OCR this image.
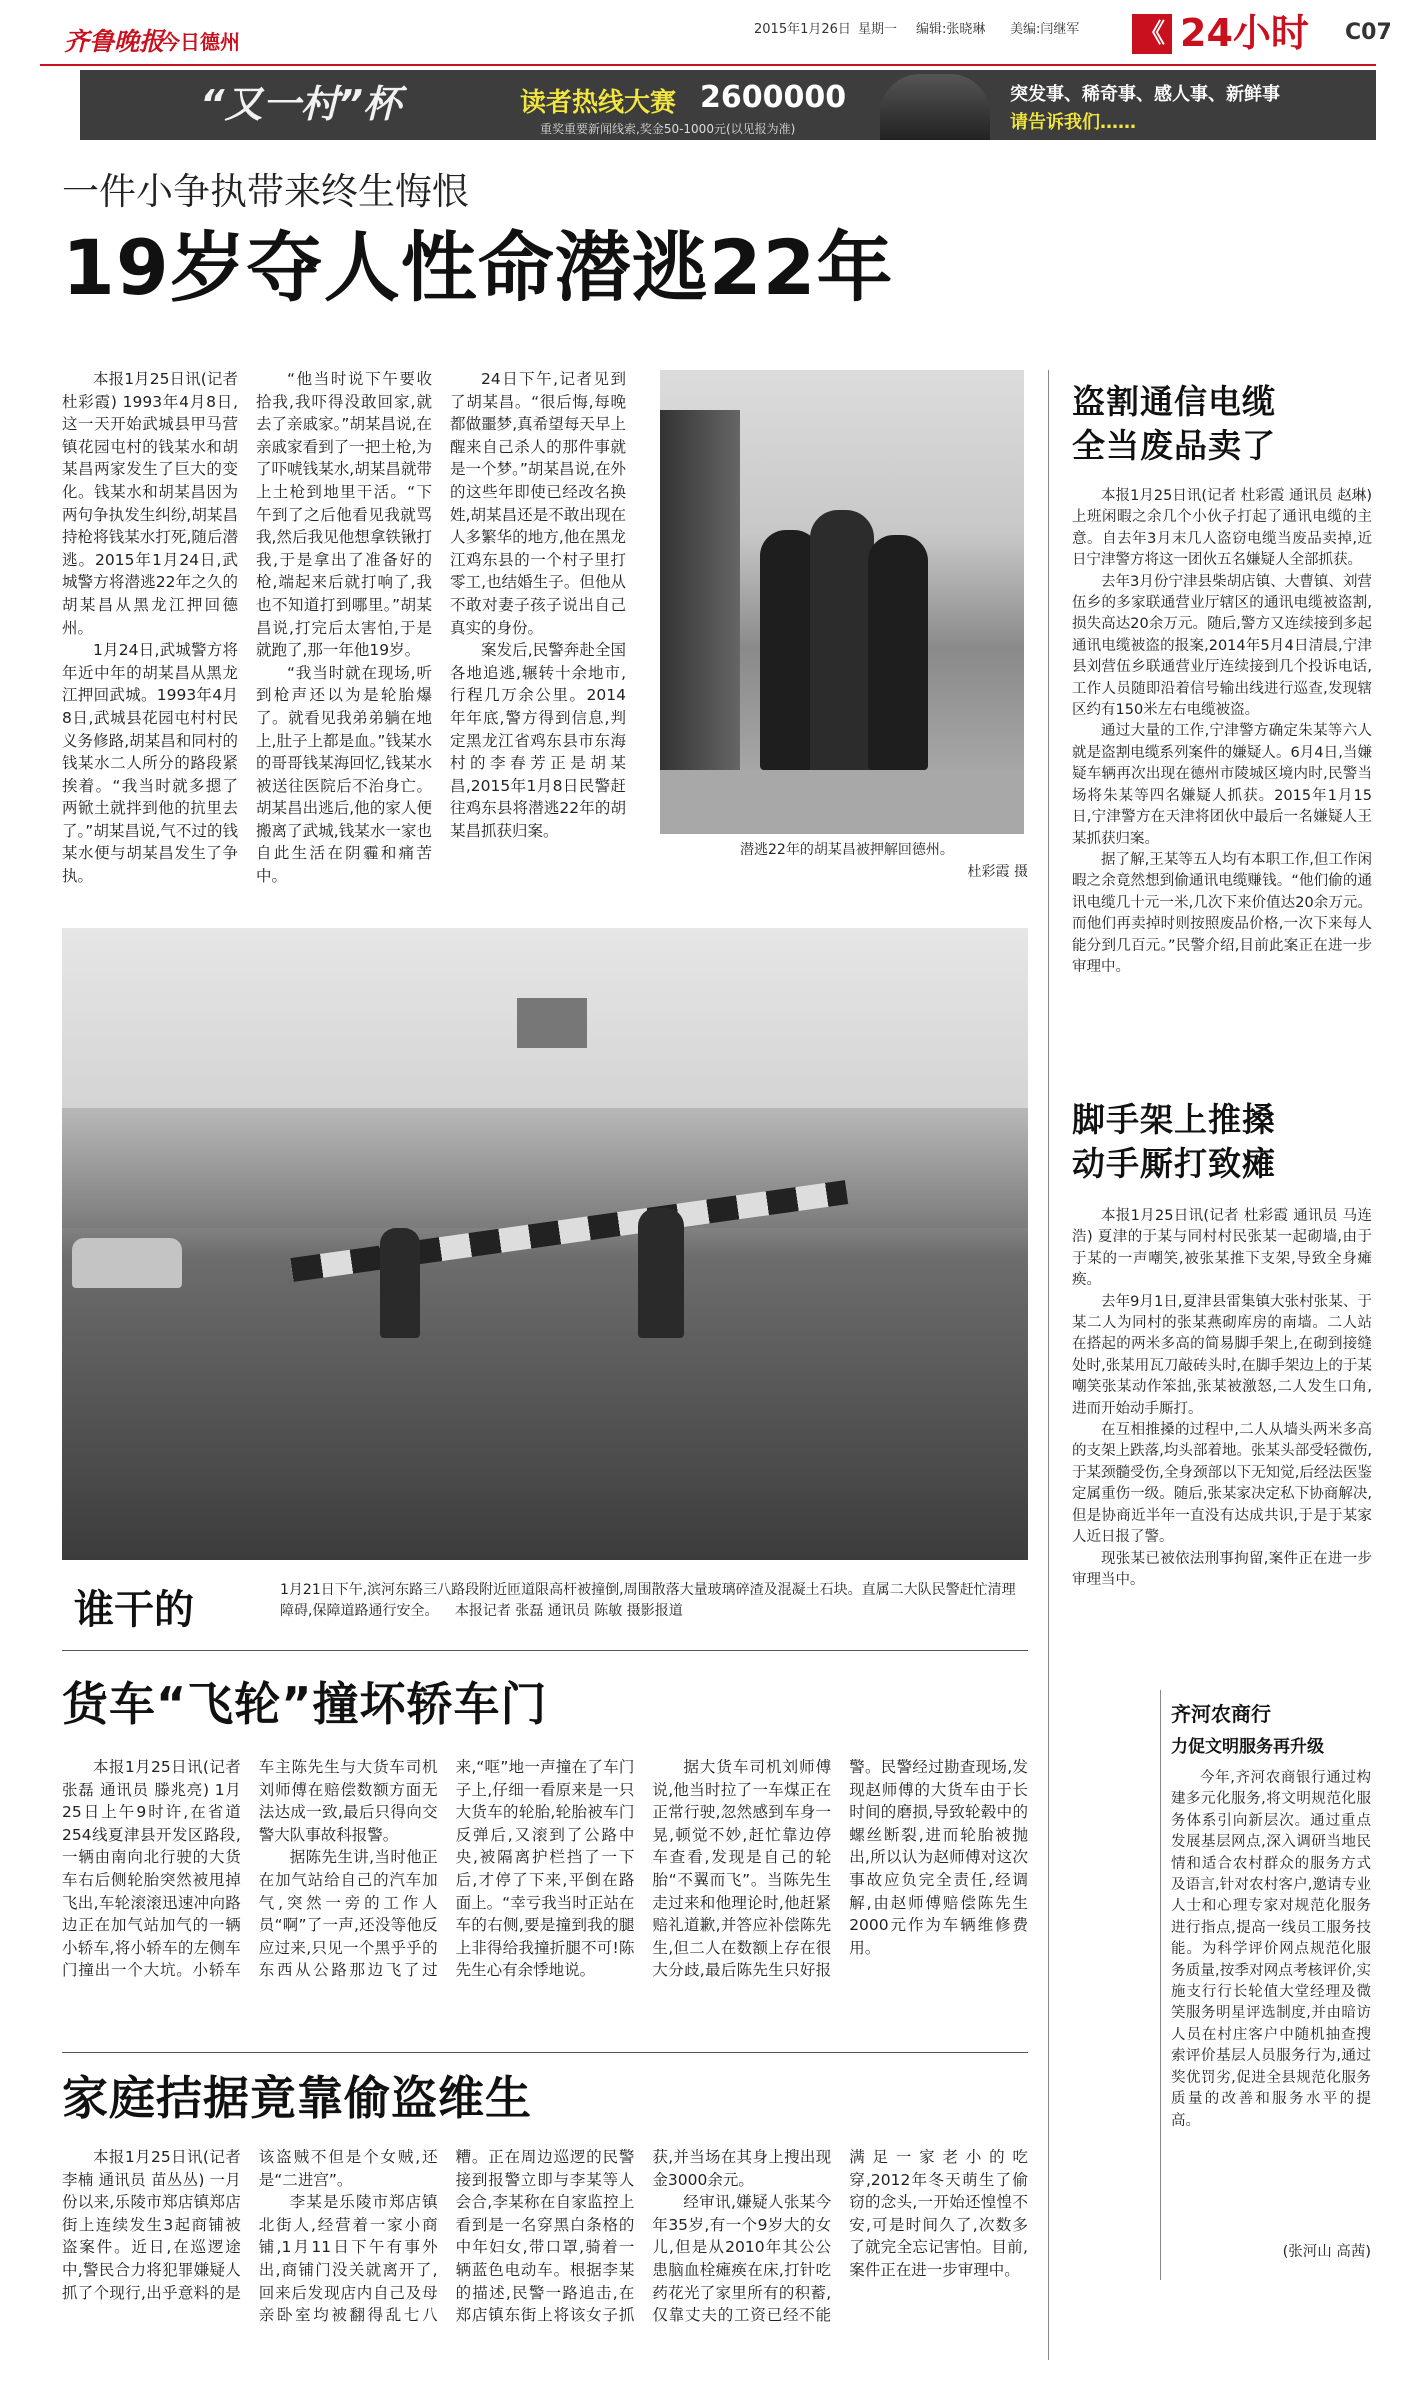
齐鲁晚报
今日德州
2015年1月26日 星期一 编辑:张晓琳 美编:闫继军 《 24小时 C07
“又一村”杯	读者热线大赛 2600000
重奖重要新闻线索,奖金50-1000元(以见报为准)
突发事、稀奇事、感人事、新鲜事
请告诉我们……
一件小争执带来终生悔恨
19岁夺人性命潜逃22年

本报1月25日讯(记者 杜彩霞) 1993年4月8日,这一天开始武城县甲马营镇花园屯村的钱某水和胡某昌两家发生了巨大的变化。钱某水和胡某昌因为两句争执发生纠纷,胡某昌持枪将钱某水打死,随后潜逃。2015年1月24日,武城警方将潜逃22年之久的胡某昌从黑龙江押回德州。

1月24日,武城警方将年近中年的胡某昌从黑龙江押回武城。1993年4月8日,武城县花园屯村村民义务修路,胡某昌和同村的钱某水二人所分的路段紧挨着。“我当时就多摁了两锨土就拌到他的抗里去了。”胡某昌说,气不过的钱某水便与胡某昌发生了争执。

“他当时说下午要收拾我,我吓得没敢回家,就去了亲戚家。”胡某昌说,在亲戚家看到了一把土枪,为了吓唬钱某水,胡某昌就带上土枪到地里干活。“下午到了之后他看见我就骂我,然后我见他想拿铁锹打我,于是拿出了准备好的枪,端起来后就打响了,我也不知道打到哪里。”胡某昌说,打完后太害怕,于是就跑了,那一年他19岁。

“我当时就在现场,听到枪声还以为是轮胎爆了。就看见我弟弟躺在地上,肚子上都是血。”钱某水的哥哥钱某海回忆,钱某水被送往医院后不治身亡。胡某昌出逃后,他的家人便搬离了武城,钱某水一家也自此生活在阴霾和痛苦中。

24日下午,记者见到了胡某昌。“很后悔,每晚都做噩梦,真希望每天早上醒来自己杀人的那件事就是一个梦。”胡某昌说,在外的这些年即使已经改名换姓,胡某昌还是不敢出现在人多繁华的地方,他在黑龙江鸡东县的一个村子里打零工,也结婚生子。但他从不敢对妻子孩子说出自己真实的身份。

案发后,民警奔赴全国各地追逃,辗转十余地市,行程几万余公里。2014年年底,警方得到信息,判定黑龙江省鸡东县市东海村的李春芳正是胡某昌,2015年1月8日民警赶往鸡东县将潜逃22年的胡某昌抓获归案。

潜逃22年的胡某昌被押解回德州。
杜彩霞 摄
谁干的	1月21日下午,滨河东路三八路段附近匝道限高杆被撞倒,周围散落大量玻璃碎渣及混凝土石块。直属二大队民警赶忙清理障碍,保障道路通行安全。 本报记者 张磊 通讯员 陈敏 摄影报道
货车“飞轮”撞坏轿车门

本报1月25日讯(记者 张磊 通讯员 滕兆亮) 1月25日上午9时许,在省道254线夏津县开发区路段,一辆由南向北行驶的大货车右后侧轮胎突然被甩掉飞出,车轮滚滚迅速冲向路边正在加气站加气的一辆小轿车,将小轿车的左侧车门撞出一个大坑。小轿车车主陈先生与大货车司机刘师傅在赔偿数额方面无法达成一致,最后只得向交警大队事故科报警。

据陈先生讲,当时他正在加气站给自己的汽车加气,突然一旁的工作人员“啊”了一声,还没等他反应过来,只见一个黑乎乎的东西从公路那边飞了过来,“哐”地一声撞在了车门子上,仔细一看原来是一只大货车的轮胎,轮胎被车门反弹后,又滚到了公路中央,被隔离护栏挡了一下后,才停了下来,平倒在路面上。“幸亏我当时正站在车的右侧,要是撞到我的腿上非得给我撞折腿不可!陈先生心有余悸地说。

据大货车司机刘师傅说,他当时拉了一车煤正在正常行驶,忽然感到车身一晃,顿觉不妙,赶忙靠边停车查看,发现是自己的轮胎“不翼而飞”。当陈先生走过来和他理论时,他赶紧赔礼道歉,并答应补偿陈先生,但二人在数额上存在很大分歧,最后陈先生只好报警。民警经过勘查现场,发现赵师傅的大货车由于长时间的磨损,导致轮毂中的螺丝断裂,进而轮胎被抛出,所以认为赵师傅对这次事故应负完全责任,经调解,由赵师傅赔偿陈先生2000元作为车辆维修费用。

家庭拮据竟靠偷盗维生

本报1月25日讯(记者 李楠 通讯员 苗丛丛) 一月份以来,乐陵市郑店镇郑店街上连续发生3起商铺被盗案件。近日,在巡逻途中,警民合力将犯罪嫌疑人抓了个现行,出乎意料的是该盗贼不但是个女贼,还是“二进宫”。

李某是乐陵市郑店镇北街人,经营着一家小商铺,1月11日下午有事外出,商铺门没关就离开了,回来后发现店内自己及母亲卧室均被翻得乱七八糟。正在周边巡逻的民警接到报警立即与李某等人会合,李某称在自家监控上看到是一名穿黑白条格的中年妇女,带口罩,骑着一辆蓝色电动车。根据李某的描述,民警一路追击,在郑店镇东街上将该女子抓获,并当场在其身上搜出现金3000余元。

经审讯,嫌疑人张某今年35岁,有一个9岁大的女儿,但是从2010年其公公患脑血栓瘫痪在床,打针吃药花光了家里所有的积蓄,仅靠丈夫的工资已经不能满足一家老小的吃穿,2012年冬天萌生了偷窃的念头,一开始还惶惶不安,可是时间久了,次数多了就完全忘记害怕。目前,案件正在进一步审理中。

盗割通信电缆
全当废品卖了

本报1月25日讯(记者 杜彩霞 通讯员 赵琳) 上班闲暇之余几个小伙子打起了通讯电缆的主意。自去年3月末几人盗窃电缆当废品卖掉,近日宁津警方将这一团伙五名嫌疑人全部抓获。

去年3月份宁津县柴胡店镇、大曹镇、刘营伍乡的多家联通营业厅辖区的通讯电缆被盗割,损失高达20余万元。随后,警方又连续接到多起通讯电缆被盗的报案,2014年5月4日清晨,宁津县刘营伍乡联通营业厅连续接到几个投诉电话,工作人员随即沿着信号输出线进行巡查,发现辖区约有150米左右电缆被盗。

通过大量的工作,宁津警方确定朱某等六人就是盗割电缆系列案件的嫌疑人。6月4日,当嫌疑车辆再次出现在德州市陵城区境内时,民警当场将朱某等四名嫌疑人抓获。2015年1月15日,宁津警方在天津将团伙中最后一名嫌疑人王某抓获归案。

据了解,王某等五人均有本职工作,但工作闲暇之余竟然想到偷通讯电缆赚钱。“他们偷的通讯电缆几十元一米,几次下来价值达20余万元。而他们再卖掉时则按照废品价格,一次下来每人能分到几百元。”民警介绍,目前此案正在进一步审理中。

脚手架上推搡
动手厮打致瘫

本报1月25日讯(记者 杜彩霞 通讯员 马连浩) 夏津的于某与同村村民张某一起砌墙,由于于某的一声嘲笑,被张某推下支架,导致全身瘫痪。

去年9月1日,夏津县雷集镇大张村张某、于某二人为同村的张某燕砌库房的南墙。二人站在搭起的两米多高的简易脚手架上,在砌到接缝处时,张某用瓦刀敲砖头时,在脚手架边上的于某嘲笑张某动作笨拙,张某被激怒,二人发生口角,进而开始动手厮打。

在互相推搡的过程中,二人从墙头两米多高的支架上跌落,均头部着地。张某头部受轻微伤,于某颈髓受伤,全身颈部以下无知觉,后经法医鉴定属重伤一级。随后,张某家决定私下协商解决,但是协商近半年一直没有达成共识,于是于某家人近日报了警。

现张某已被依法刑事拘留,案件正在进一步审理当中。

齐河农商行
力促文明服务再升级

今年,齐河农商银行通过构建多元化服务,将文明规范化服务体系引向新层次。通过重点发展基层网点,深入调研当地民情和适合农村群众的服务方式及语言,针对农村客户,邀请专业人士和心理专家对规范化服务进行指点,提高一线员工服务技能。为科学评价网点规范化服务质量,按季对网点考核评价,实施支行行长轮值大堂经理及微笑服务明星评选制度,并由暗访人员在村庄客户中随机抽查搜索评价基层人员服务行为,通过奖优罚劣,促进全县规范化服务质量的改善和服务水平的提高。

(张河山 高茜)
